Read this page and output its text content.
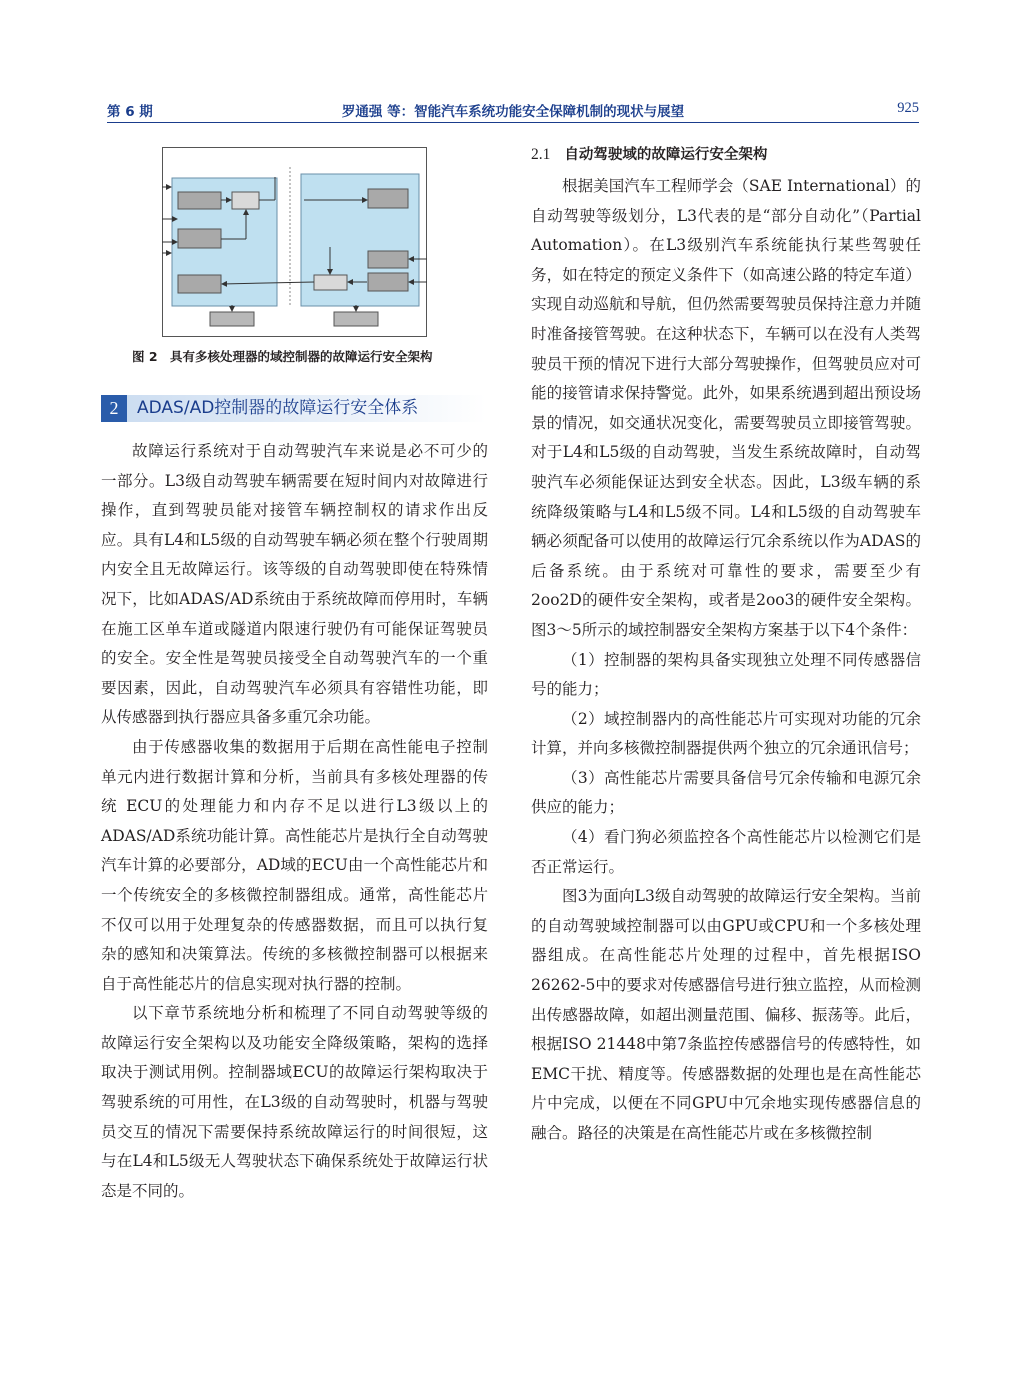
第 6 期	罗通强 等：智能汽车系统功能安全保障机制的现状与展望	925
图 2　具有多核处理器的域控制器的故障运行安全架构
2	ADAS/AD控制器的故障运行安全体系

故障运行系统对于自动驾驶汽车来说是必不可少的一部分。L3级自动驾驶车辆需要在短时间内对故障进行操作，直到驾驶员能对接管车辆控制权的请求作出反应。具有L4和L5级的自动驾驶车辆必须在整个行驶周期内安全且无故障运行。该等级的自动驾驶即使在特殊情况下，比如ADAS/AD系统由于系统故障而停用时，车辆在施工区单车道或隧道内限速行驶仍有可能保证驾驶员的安全。安全性是驾驶员接受全自动驾驶汽车的一个重要因素，因此，自动驾驶汽车必须具有容错性功能，即从传感器到执行器应具备多重冗余功能。

由于传感器收集的数据用于后期在高性能电子控制单元内进行数据计算和分析，当前具有多核处理器的传统 ECU的处理能力和内存不足以进行L3级以上的ADAS/AD系统功能计算。高性能芯片是执行全自动驾驶汽车计算的必要部分，AD域的ECU由一个高性能芯片和一个传统安全的多核微控制器组成。通常，高性能芯片不仅可以用于处理复杂的传感器数据，而且可以执行复杂的感知和决策算法。传统的多核微控制器可以根据来自于高性能芯片的信息实现对执行器的控制。

以下章节系统地分析和梳理了不同自动驾驶等级的故障运行安全架构以及功能安全降级策略，架构的选择取决于测试用例。控制器域ECU的故障运行架构取决于驾驶系统的可用性，在L3级的自动驾驶时，机器与驾驶员交互的情况下需要保持系统故障运行的时间很短，这与在L4和L5级无人驾驶状态下确保系统处于故障运行状态是不同的。

2.1 自动驾驶域的故障运行安全架构

根据美国汽车工程师学会（SAE International）的自动驾驶等级划分，L3代表的是“部分自动化”（Partial Automation）。在L3级别汽车系统能执行某些驾驶任务，如在特定的预定义条件下（如高速公路的特定车道）实现自动巡航和导航，但仍然需要驾驶员保持注意力并随时准备接管驾驶。在这种状态下，车辆可以在没有人类驾驶员干预的情况下进行大部分驾驶操作，但驾驶员应对可能的接管请求保持警觉。此外，如果系统遇到超出预设场景的情况，如交通状况变化，需要驾驶员立即接管驾驶。对于L4和L5级的自动驾驶，当发生系统故障时，自动驾驶汽车必须能保证达到安全状态。因此，L3级车辆的系统降级策略与L4和L5级不同。L4和L5级的自动驾驶车辆必须配备可以使用的故障运行冗余系统以作为ADAS的后备系统。由于系统对可靠性的要求，需要至少有2oo2D的硬件安全架构，或者是2oo3的硬件安全架构。图3～5所示的域控制器安全架构方案基于以下4个条件：

（1）控制器的架构具备实现独立处理不同传感器信号的能力；

（2）域控制器内的高性能芯片可实现对功能的冗余计算，并向多核微控制器提供两个独立的冗余通讯信号；

（3）高性能芯片需要具备信号冗余传输和电源冗余供应的能力；

（4）看门狗必须监控各个高性能芯片以检测它们是否正常运行。

图3为面向L3级自动驾驶的故障运行安全架构。当前的自动驾驶域控制器可以由GPU或CPU和一个多核处理器组成。在高性能芯片处理的过程中，首先根据ISO 26262-5中的要求对传感器信号进行独立监控，从而检测出传感器故障，如超出测量范围、偏移、振荡等。此后，根据ISO 21448中第7条监控传感器信号的传感特性，如EMC干扰、精度等。传感器数据的处理也是在高性能芯片中完成，以便在不同GPU中冗余地实现传感器信息的融合。路径的决策是在高性能芯片或在多核微控制
